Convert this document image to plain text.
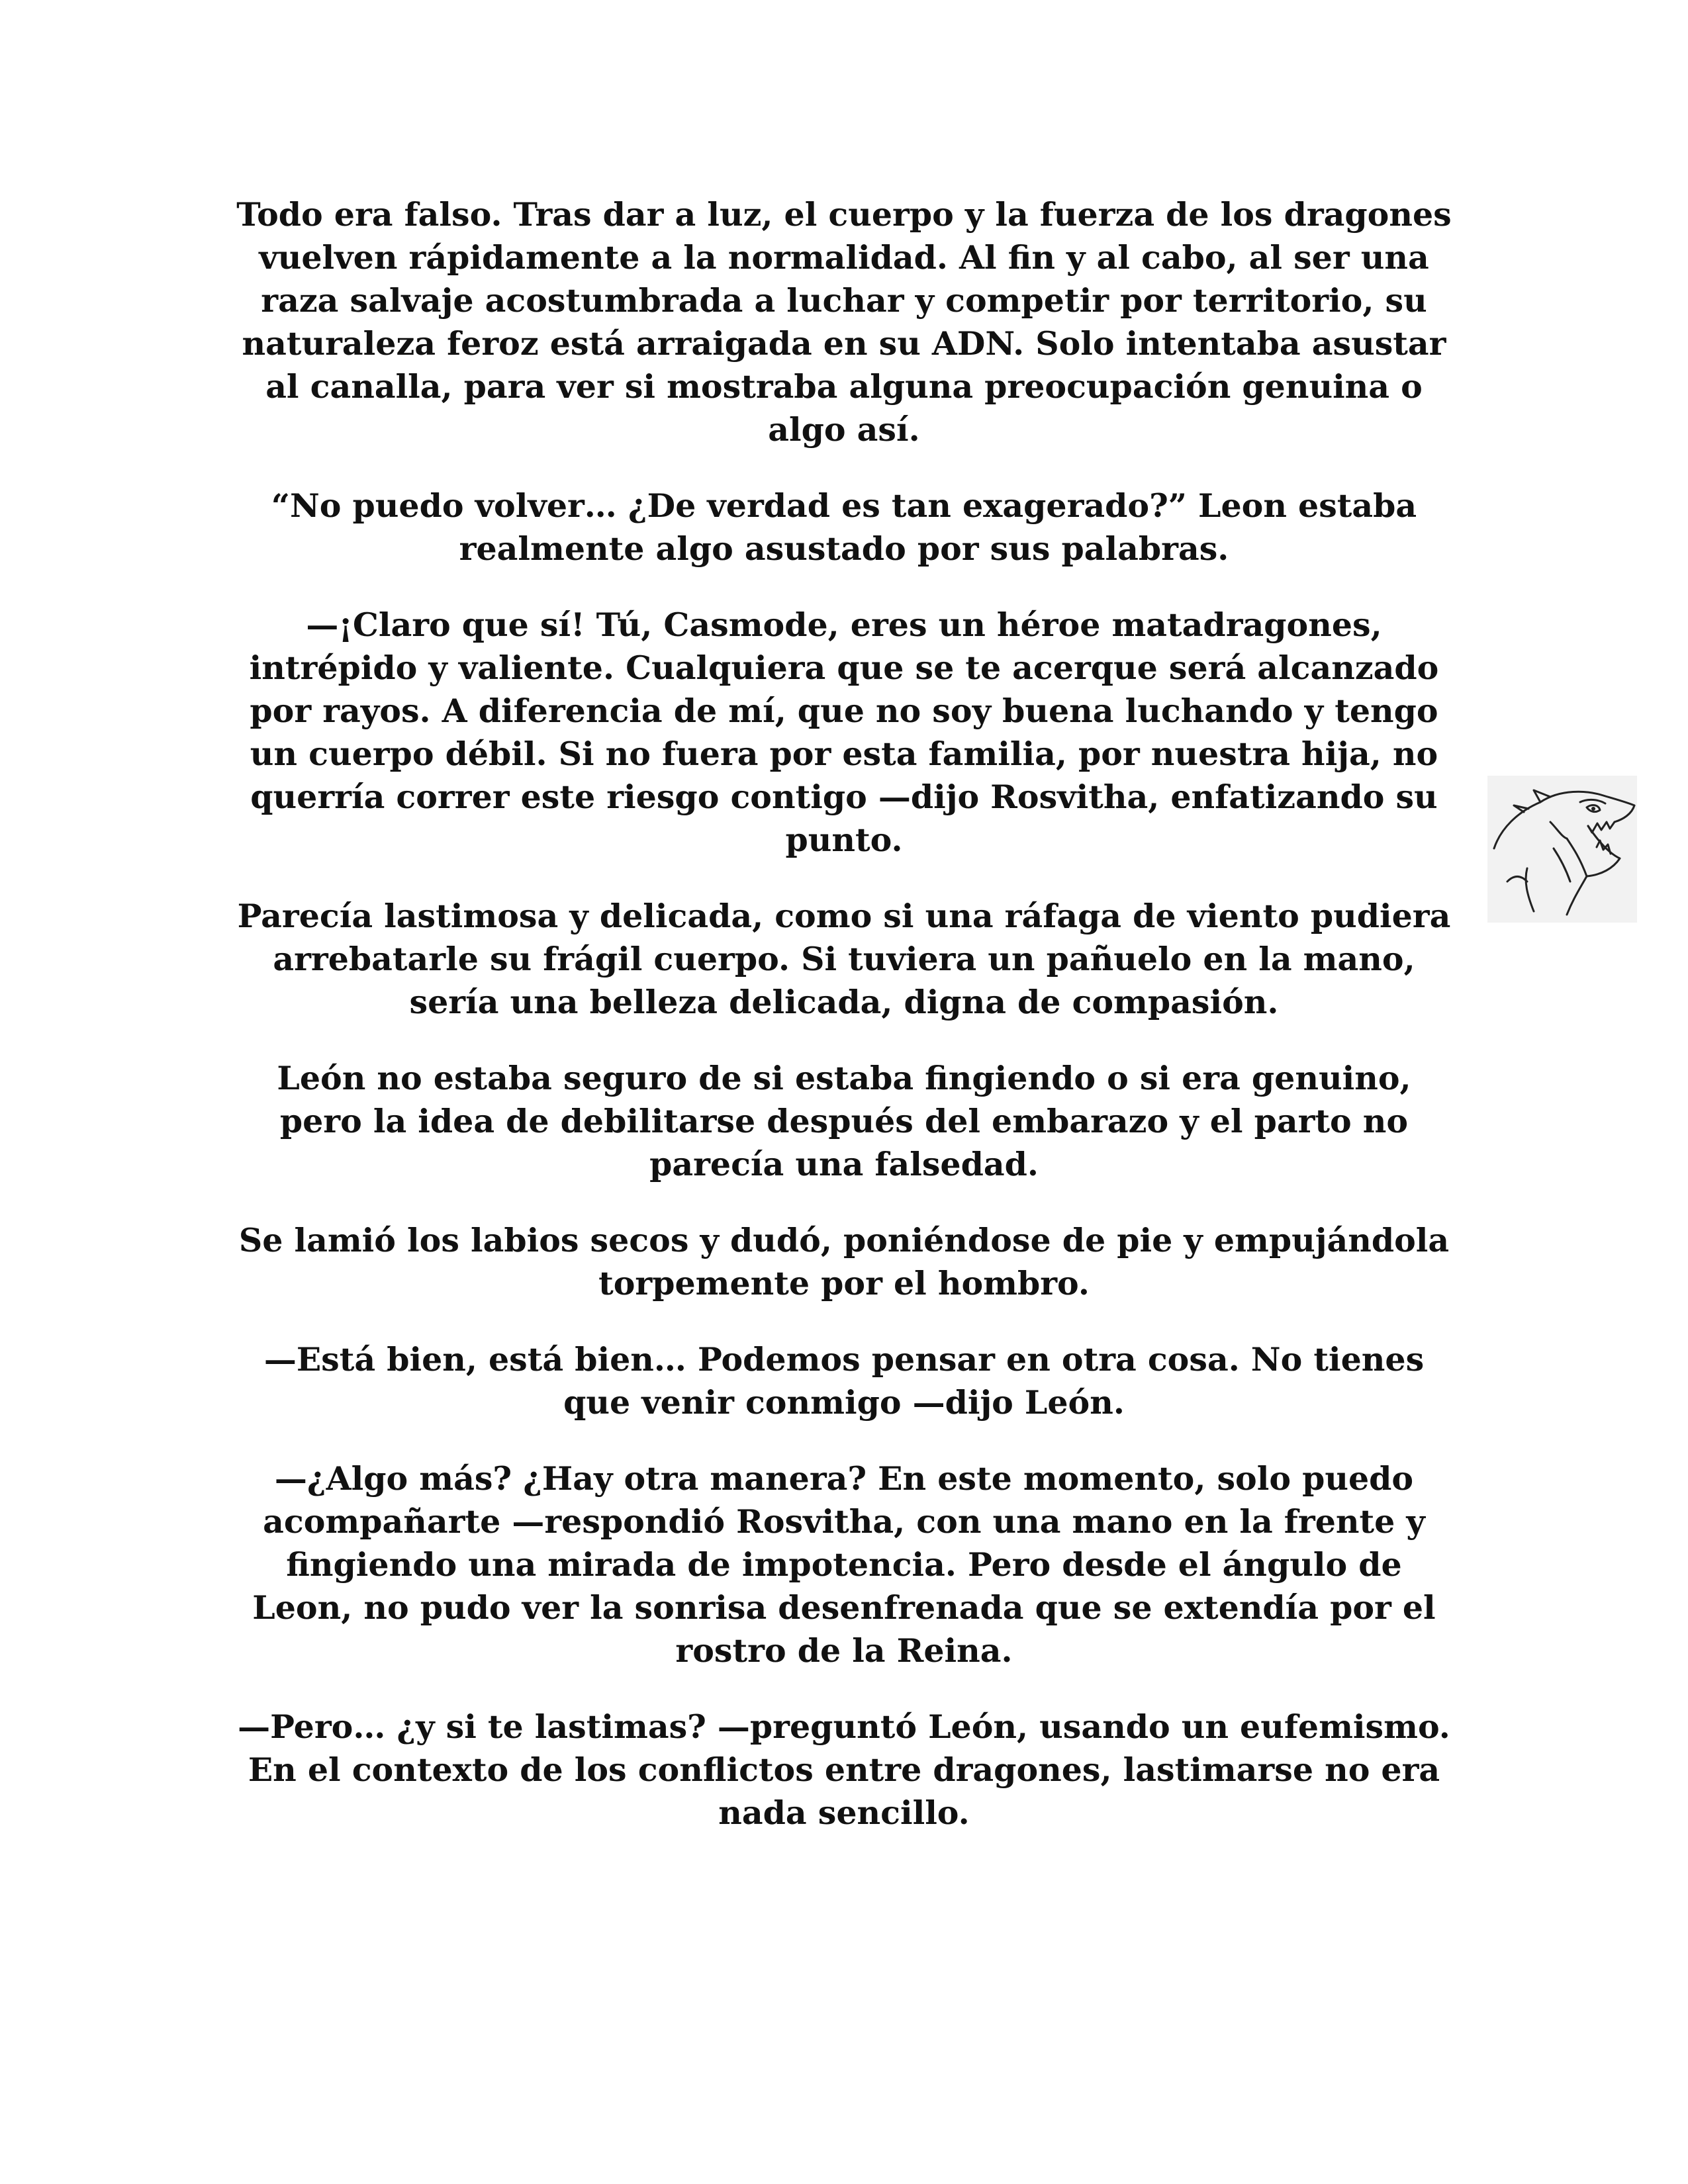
Todo era falso. Tras dar a luz, el cuerpo y la fuerza de los dragones vuelven rápidamente a la normalidad. Al fin y al cabo, al ser una raza salvaje acostumbrada a luchar y competir por territorio, su naturaleza feroz está arraigada en su ADN. Solo intentaba asustar al canalla, para ver si mostraba alguna preocupación genuina o algo así.

“No puedo volver… ¿De verdad es tan exagerado?” Leon estaba realmente algo asustado por sus palabras.

—¡Claro que sí! Tú, Casmode, eres un héroe matadragones, intrépido y valiente. Cualquiera que se te acerque será alcanzado por rayos. A diferencia de mí, que no soy buena luchando y tengo un cuerpo débil. Si no fuera por esta familia, por nuestra hija, no querría correr este riesgo contigo —dijo Rosvitha, enfatizando su punto.

Parecía lastimosa y delicada, como si una ráfaga de viento pudiera arrebatarle su frágil cuerpo. Si tuviera un pañuelo en la mano, sería una belleza delicada, digna de compasión.

León no estaba seguro de si estaba fingiendo o si era genuino, pero la idea de debilitarse después del embarazo y el parto no parecía una falsedad.

Se lamió los labios secos y dudó, poniéndose de pie y empujándola torpemente por el hombro.

—Está bien, está bien… Podemos pensar en otra cosa. No tienes que venir conmigo —dijo León.

—¿Algo más? ¿Hay otra manera? En este momento, solo puedo acompañarte —respondió Rosvitha, con una mano en la frente y fingiendo una mirada de impotencia. Pero desde el ángulo de Leon, no pudo ver la sonrisa desenfrenada que se extendía por el rostro de la Reina.

—Pero… ¿y si te lastimas? —preguntó León, usando un eufemismo. En el contexto de los conflictos entre dragones, lastimarse no era nada sencillo.
